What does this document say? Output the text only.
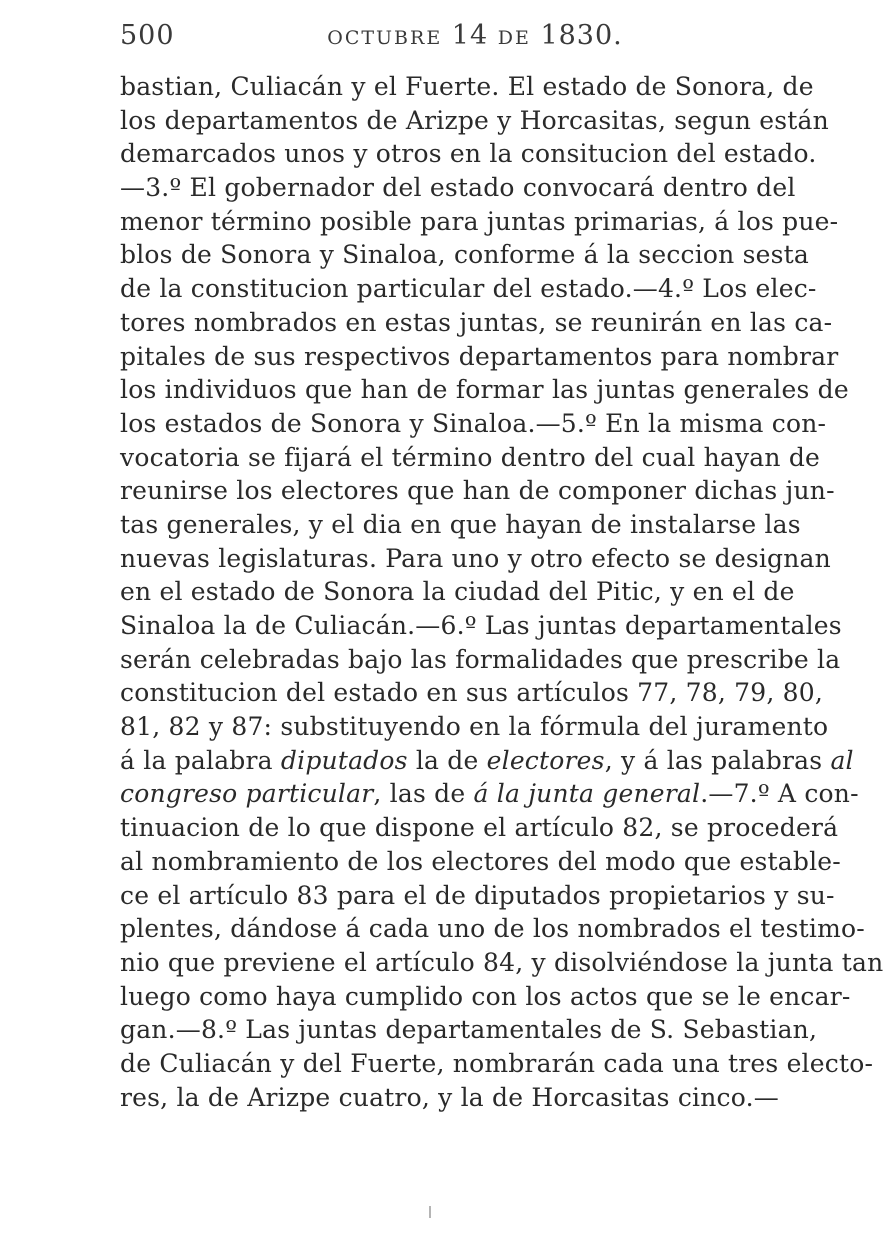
500	OCTUBRE 14 DE 1830.
bastian, Culiacán y el Fuerte. El estado de Sonora, de
los departamentos de Arizpe y Horcasitas, segun están
demarcados unos y otros en la consitucion del estado.
—3.º El gobernador del estado convocará dentro del
menor término posible para juntas primarias, á los pue-
blos de Sonora y Sinaloa, conforme á la seccion sesta
de la constitucion particular del estado.—4.º Los elec-
tores nombrados en estas juntas, se reunirán en las ca-
pitales de sus respectivos departamentos para nombrar
los individuos que han de formar las juntas generales de
los estados de Sonora y Sinaloa.—5.º En la misma con-
vocatoria se fijará el término dentro del cual hayan de
reunirse los electores que han de componer dichas jun-
tas generales, y el dia en que hayan de instalarse las
nuevas legislaturas. Para uno y otro efecto se designan
en el estado de Sonora la ciudad del Pitic, y en el de
Sinaloa la de Culiacán.—6.º Las juntas departamentales
serán celebradas bajo las formalidades que prescribe la
constitucion del estado en sus artículos 77, 78, 79, 80,
81, 82 y 87: substituyendo en la fórmula del juramento
á la palabra diputados la de electores, y á las palabras al
congreso particular, las de á la junta general.—7.º A con-
tinuacion de lo que dispone el artículo 82, se procederá
al nombramiento de los electores del modo que estable-
ce el artículo 83 para el de diputados propietarios y su-
plentes, dándose á cada uno de los nombrados el testimo-
nio que previene el artículo 84, y disolviéndose la junta tan
luego como haya cumplido con los actos que se le encar-
gan.—8.º Las juntas departamentales de S. Sebastian,
de Culiacán y del Fuerte, nombrarán cada una tres electo-
res, la de Arizpe cuatro, y la de Horcasitas cinco.—
